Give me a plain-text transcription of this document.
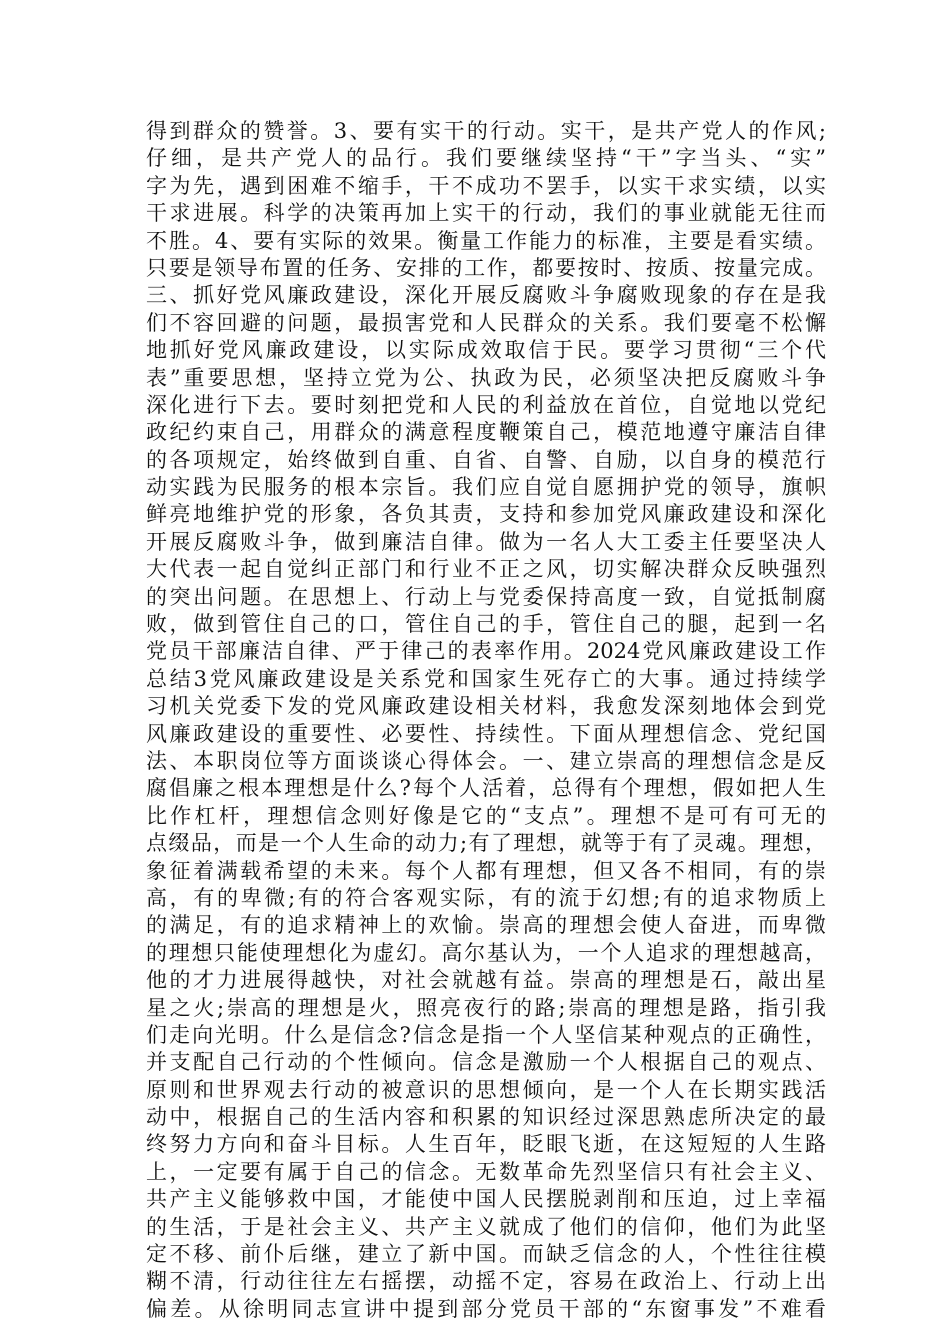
得到群众的赞誉。3、要有实干的行动。实干，是共产党人的作风;
仔细，是共产党人的品行。我们要继续坚持“干”字当头、“实”
字为先，遇到困难不缩手，干不成功不罢手，以实干求实绩，以实
干求进展。科学的决策再加上实干的行动，我们的事业就能无往而
不胜。4、要有实际的效果。衡量工作能力的标准，主要是看实绩。
只要是领导布置的任务、安排的工作，都要按时、按质、按量完成。
三、抓好党风廉政建设，深化开展反腐败斗争腐败现象的存在是我
们不容回避的问题，最损害党和人民群众的关系。我们要毫不松懈
地抓好党风廉政建设，以实际成效取信于民。要学习贯彻“三个代
表”重要思想，坚持立党为公、执政为民，必须坚决把反腐败斗争
深化进行下去。要时刻把党和人民的利益放在首位，自觉地以党纪
政纪约束自己，用群众的满意程度鞭策自己，模范地遵守廉洁自律
的各项规定，始终做到自重、自省、自警、自励，以自身的模范行
动实践为民服务的根本宗旨。我们应自觉自愿拥护党的领导，旗帜
鲜亮地维护党的形象，各负其责，支持和参加党风廉政建设和深化
开展反腐败斗争，做到廉洁自律。做为一名人大工委主任要坚决人
大代表一起自觉纠正部门和行业不正之风，切实解决群众反映强烈
的突出问题。在思想上、行动上与党委保持高度一致，自觉抵制腐
败，做到管住自己的口，管住自己的手，管住自己的腿，起到一名
党员干部廉洁自律、严于律己的表率作用。2024党风廉政建设工作
总结3党风廉政建设是关系党和国家生死存亡的大事。通过持续学
习机关党委下发的党风廉政建设相关材料，我愈发深刻地体会到党
风廉政建设的重要性、必要性、持续性。下面从理想信念、党纪国
法、本职岗位等方面谈谈心得体会。一、建立崇高的理想信念是反
腐倡廉之根本理想是什么?每个人活着，总得有个理想，假如把人生
比作杠杆，理想信念则好像是它的“支点”。理想不是可有可无的
点缀品，而是一个人生命的动力;有了理想，就等于有了灵魂。理想，
象征着满载希望的未来。每个人都有理想，但又各不相同，有的崇
高，有的卑微;有的符合客观实际，有的流于幻想;有的追求物质上
的满足，有的追求精神上的欢愉。崇高的理想会使人奋进，而卑微
的理想只能使理想化为虚幻。高尔基认为，一个人追求的理想越高，
他的才力进展得越快，对社会就越有益。崇高的理想是石，敲出星
星之火;崇高的理想是火，照亮夜行的路;崇高的理想是路，指引我
们走向光明。什么是信念?信念是指一个人坚信某种观点的正确性，
并支配自己行动的个性倾向。信念是激励一个人根据自己的观点、
原则和世界观去行动的被意识的思想倾向，是一个人在长期实践活
动中，根据自己的生活内容和积累的知识经过深思熟虑所决定的最
终努力方向和奋斗目标。人生百年，眨眼飞逝，在这短短的人生路
上，一定要有属于自己的信念。无数革命先烈坚信只有社会主义、
共产主义能够救中国，才能使中国人民摆脱剥削和压迫，过上幸福
的生活，于是社会主义、共产主义就成了他们的信仰，他们为此坚
定不移、前仆后继，建立了新中国。而缺乏信念的人，个性往往模
糊不清，行动往往左右摇摆，动摇不定，容易在政治上、行动上出
偏差。从徐明同志宣讲中提到部分党员干部的“东窗事发”不难看
